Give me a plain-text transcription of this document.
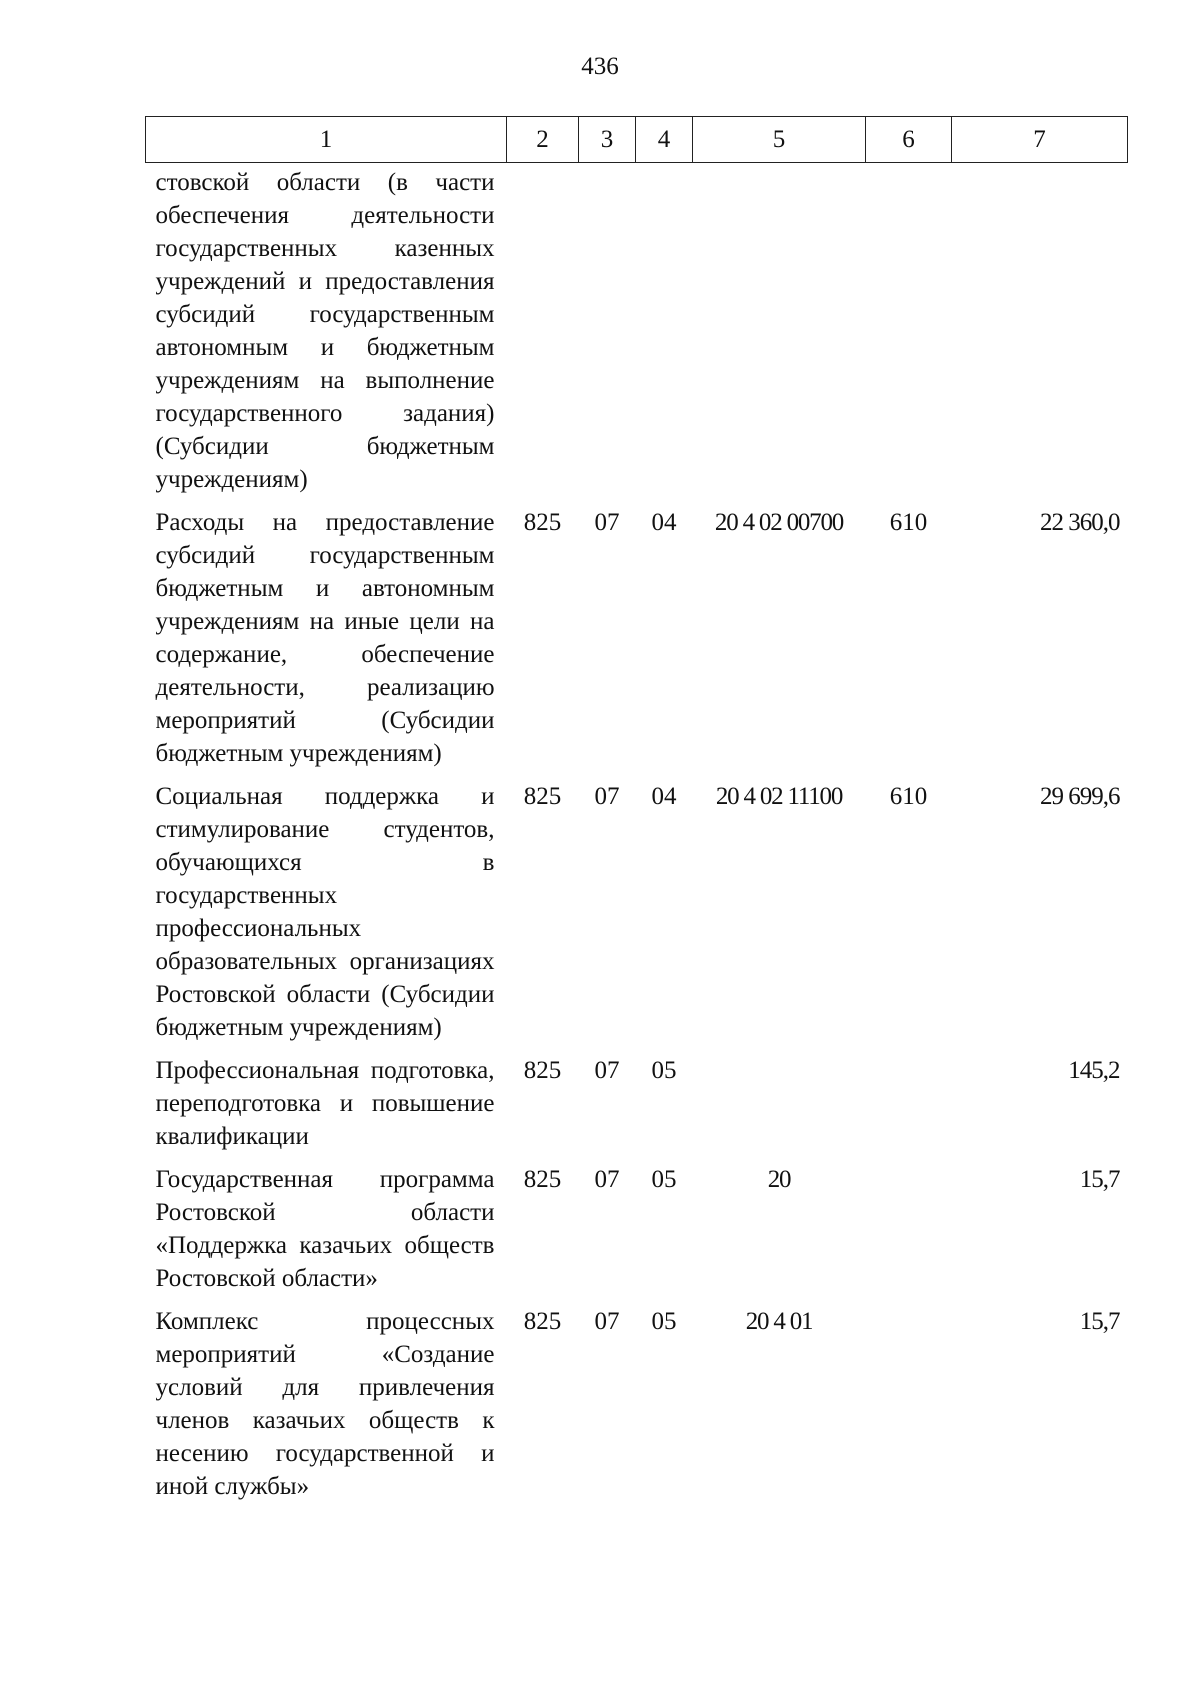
436
1	2	3	4	5	6	7
стовской области (в части обеспечения деятельности государственных казенных учреждений и предоставления субсидий государственным автономным и бюджетным учреждениям на выполнение государственного задания) (Субсидии бюджетным учреждениям)						
Расходы на предоставление субсидий государственным бюджетным и автономным учреждениям на иные цели на содержание, обеспечение деятельности, реализацию мероприятий (Субсидии бюджетным учреждениям)	825	07	04	20 4 02 00700	610	22 360,0
Социальная поддержка и стимулирование студентов, обучающихся в государственных профессиональных образовательных организациях Ростовской области (Субсидии бюджетным учреждениям)	825	07	04	20 4 02 11100	610	29 699,6
Профессиональная подготовка, переподготовка и повышение квалификации	825	07	05			145,2
Государственная программа Ростовской области «Поддержка казачьих обществ Ростовской области»	825	07	05	20		15,7
Комплекс процессных мероприятий «Создание условий для привлечения членов казачьих обществ к несению государственной и иной службы»	825	07	05	20 4 01		15,7
